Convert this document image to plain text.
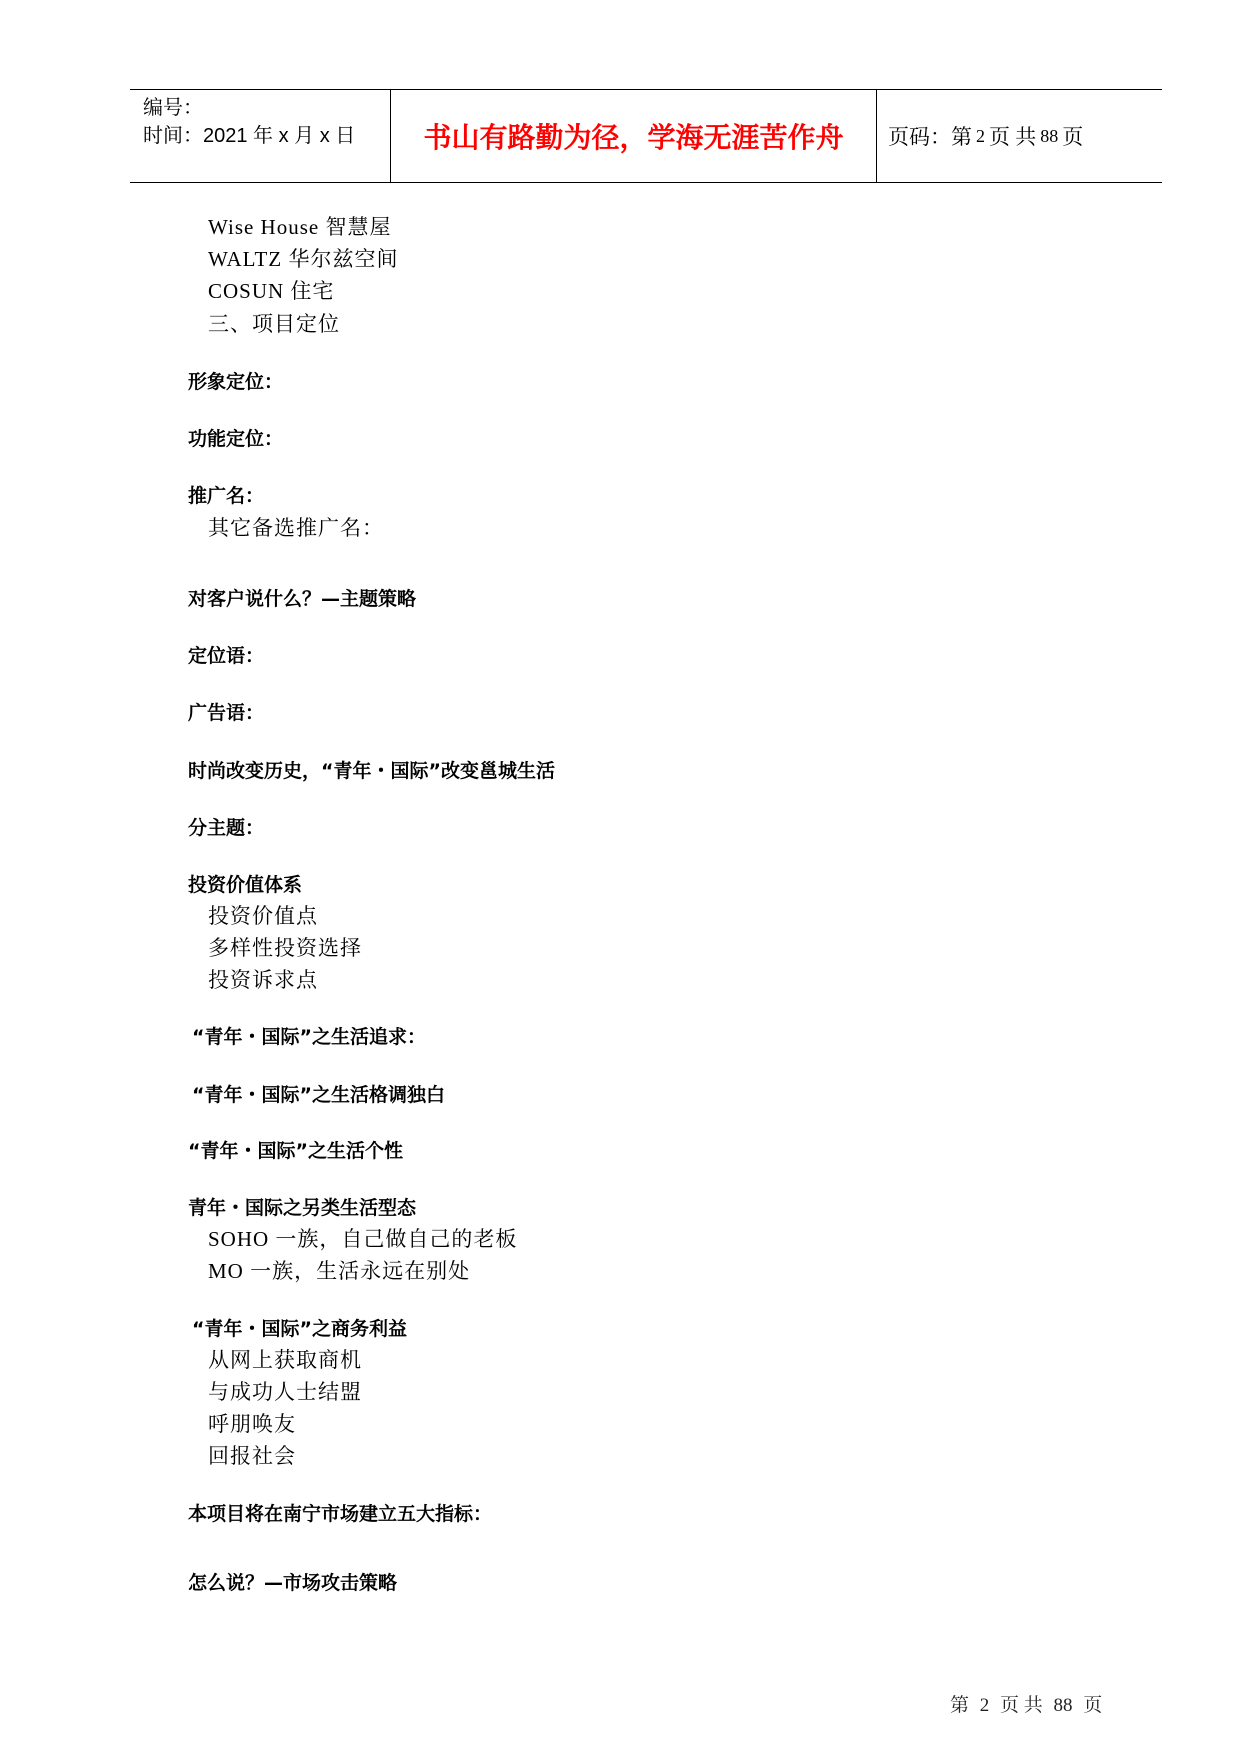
编号：
时间：2021 年 x 月 x 日	书山有路勤为径，学海无涯苦作舟	页码：第 2 页 共 88 页
Wise House 智慧屋
WALTZ 华尔兹空间
COSUN 住宅
三、项目定位
形象定位：
功能定位：
推广名：
其它备选推广名：
对客户说什么？—主题策略
定位语：
广告语：
时尚改变历史，“青年・国际”改变邕城生活
分主题：
投资价值体系
投资价值点
多样性投资选择
投资诉求点
“青年・国际”之生活追求：
“青年・国际”之生活格调独白
“青年・国际”之生活个性
青年・国际之另类生活型态
SOHO 一族，自己做自己的老板
MO 一族，生活永远在别处
“青年・国际”之商务利益
从网上获取商机
与成功人士结盟
呼朋唤友
回报社会
本项目将在南宁市场建立五大指标：
怎么说？—市场攻击策略
第 2 页 共 88 页
